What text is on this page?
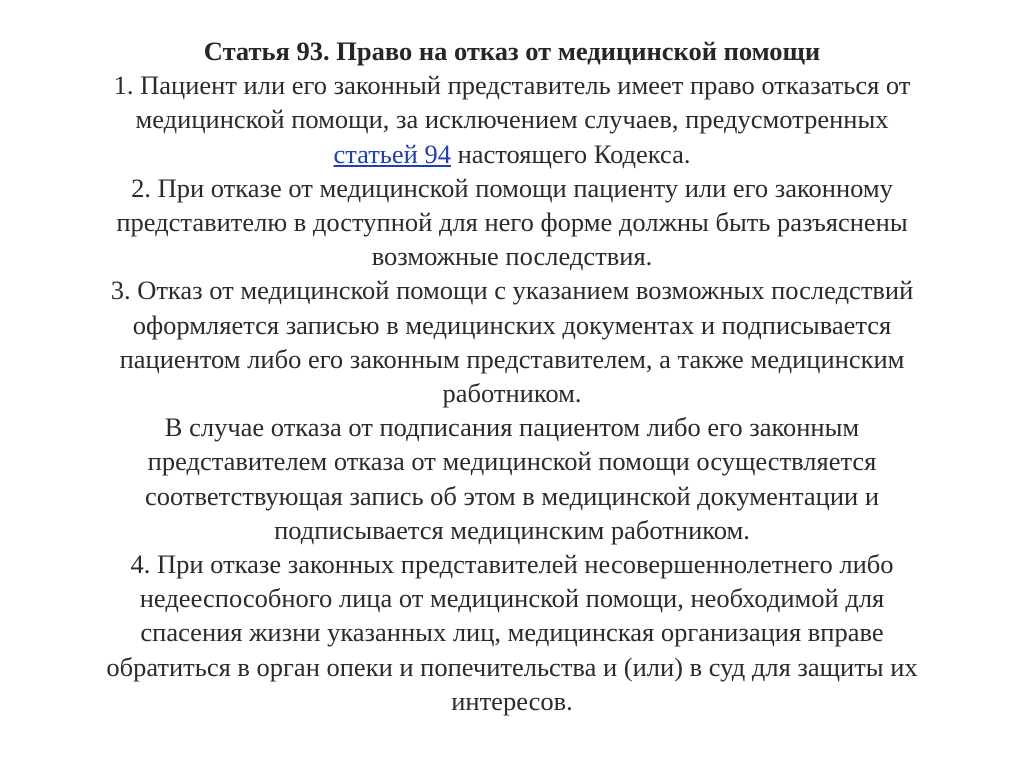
Статья 93. Право на отказ от медицинской помощи
1. Пациент или его законный представитель имеет право отказаться от
медицинской помощи, за исключением случаев, предусмотренных
статьей 94 настоящего Кодекса.
2. При отказе от медицинской помощи пациенту или его законному
представителю в доступной для него форме должны быть разъяснены
возможные последствия.
3. Отказ от медицинской помощи с указанием возможных последствий
оформляется записью в медицинских документах и подписывается
пациентом либо его законным представителем, а также медицинским
работником.
В случае отказа от подписания пациентом либо его законным
представителем отказа от медицинской помощи осуществляется
соответствующая запись об этом в медицинской документации и
подписывается медицинским работником.
4. При отказе законных представителей несовершеннолетнего либо
недееспособного лица от медицинской помощи, необходимой для
спасения жизни указанных лиц, медицинская организация вправе
обратиться в орган опеки и попечительства и (или) в суд для защиты их
интересов.
